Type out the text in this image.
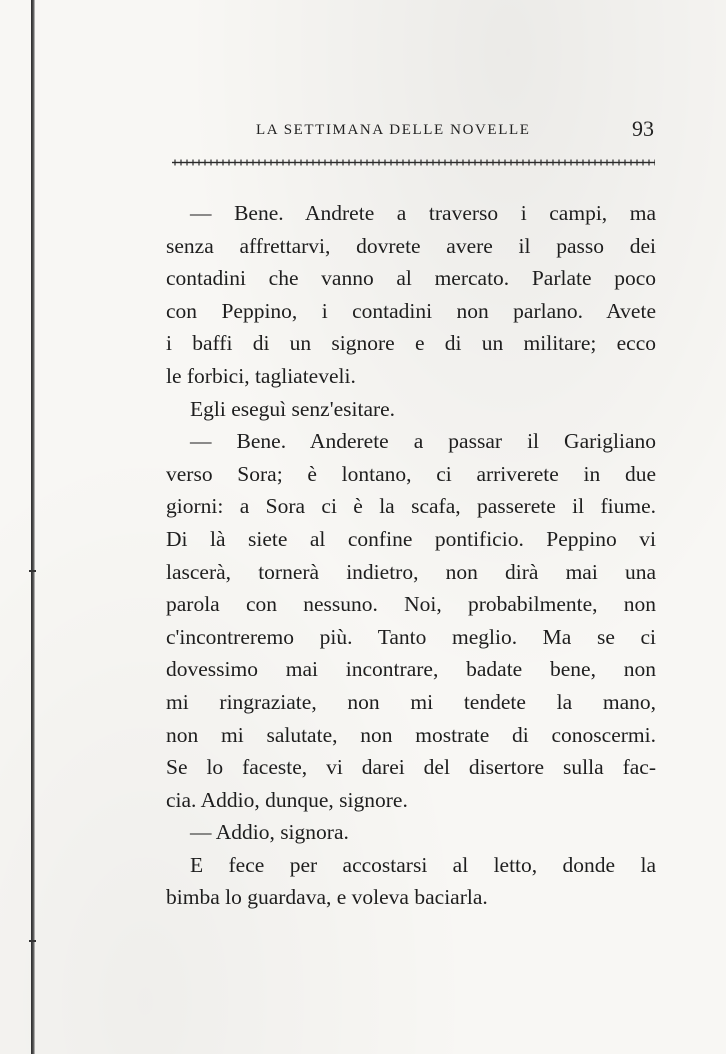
LA SETTIMANA DELLE NOVELLE	93
— Bene. Andrete a traverso i campi, ma
senza affrettarvi, dovrete avere il passo dei
contadini che vanno al mercato. Parlate poco
con Peppino, i contadini non parlano. Avete
i baffi di un signore e di un militare; ecco
le forbici, tagliateveli.
Egli eseguì senz'esitare.
— Bene. Anderete a passar il Garigliano
verso Sora; è lontano, ci arriverete in due
giorni: a Sora ci è la scafa, passerete il fiume.
Di là siete al confine pontificio. Peppino vi
lascerà, tornerà indietro, non dirà mai una
parola con nessuno. Noi, probabilmente, non
c'incontreremo più. Tanto meglio. Ma se ci
dovessimo mai incontrare, badate bene, non
mi ringraziate, non mi tendete la mano,
non mi salutate, non mostrate di conoscermi.
Se lo faceste, vi darei del disertore sulla fac-
cia. Addio, dunque, signore.
— Addio, signora.
E fece per accostarsi al letto, donde la
bimba lo guardava, e voleva baciarla.
